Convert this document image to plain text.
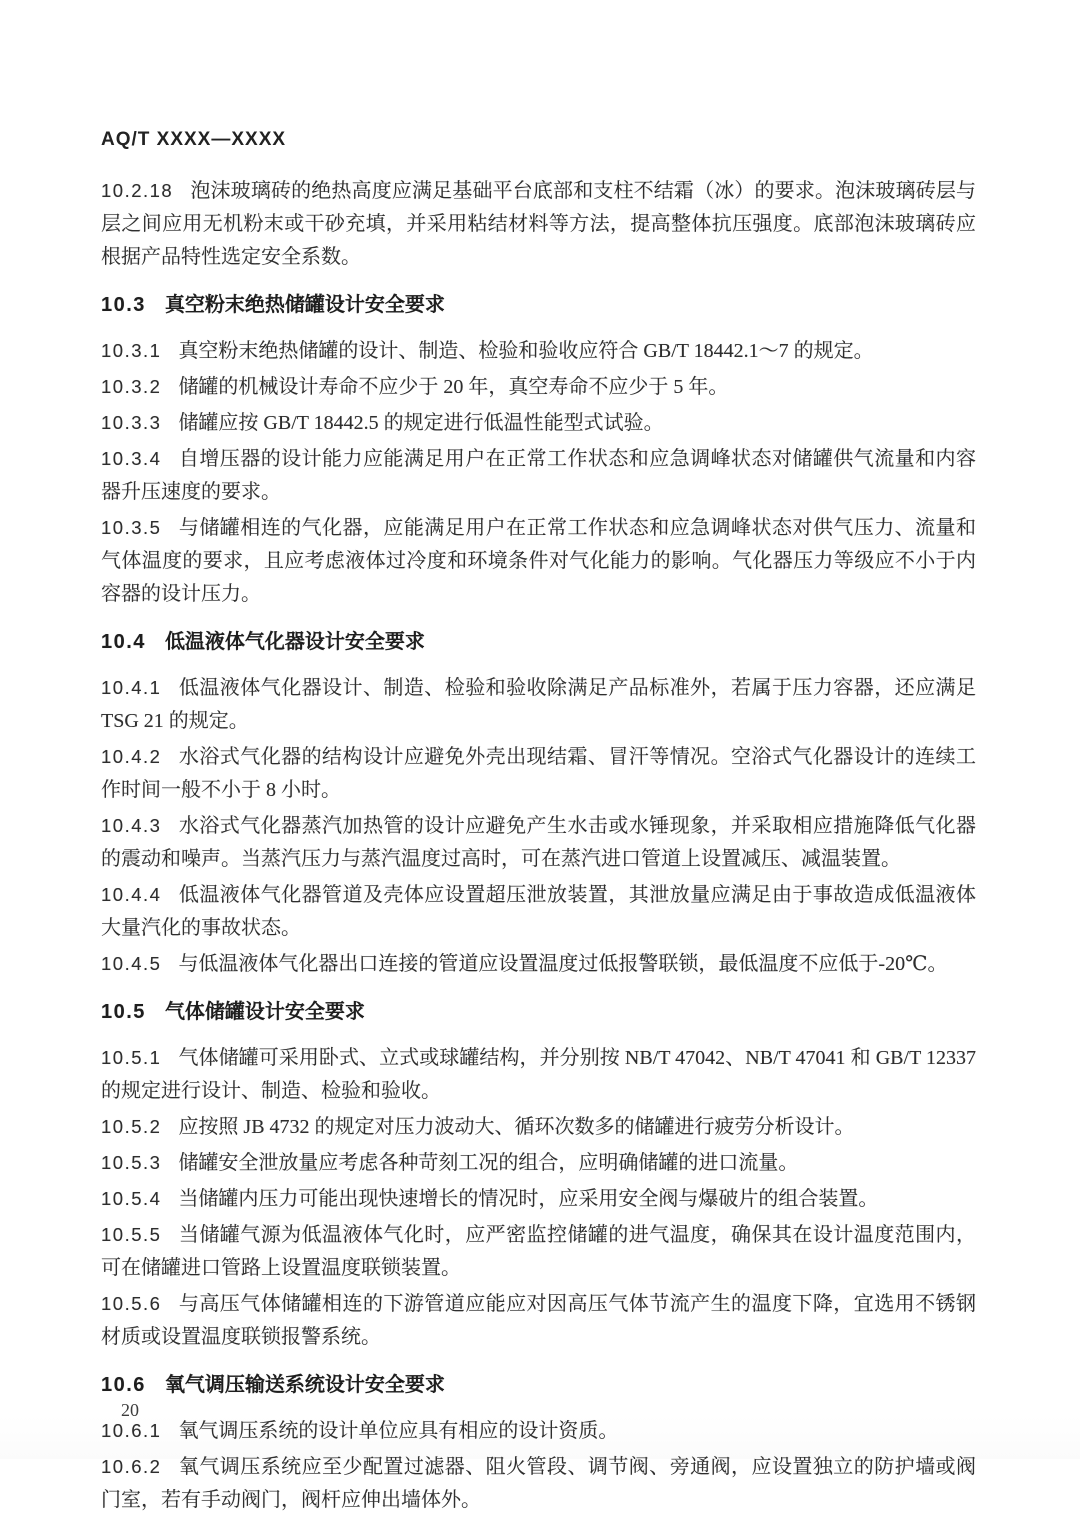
AQ/T XXXX—XXXX

10.2.18 泡沫玻璃砖的绝热高度应满足基础平台底部和支柱不结霜（冰）的要求。泡沫玻璃砖层与层之间应用无机粉末或干砂充填，并采用粘结材料等方法，提高整体抗压强度。底部泡沫玻璃砖应根据产品特性选定安全系数。

10.3 真空粉末绝热储罐设计安全要求

10.3.1 真空粉末绝热储罐的设计、制造、检验和验收应符合 GB/T 18442.1～7 的规定。

10.3.2 储罐的机械设计寿命不应少于 20 年，真空寿命不应少于 5 年。

10.3.3 储罐应按 GB/T 18442.5 的规定进行低温性能型式试验。

10.3.4 自增压器的设计能力应能满足用户在正常工作状态和应急调峰状态对储罐供气流量和内容器升压速度的要求。

10.3.5 与储罐相连的气化器，应能满足用户在正常工作状态和应急调峰状态对供气压力、流量和气体温度的要求，且应考虑液体过冷度和环境条件对气化能力的影响。气化器压力等级应不小于内容器的设计压力。

10.4 低温液体气化器设计安全要求

10.4.1 低温液体气化器设计、制造、检验和验收除满足产品标准外，若属于压力容器，还应满足 TSG 21 的规定。

10.4.2 水浴式气化器的结构设计应避免外壳出现结霜、冒汗等情况。空浴式气化器设计的连续工作时间一般不小于 8 小时。

10.4.3 水浴式气化器蒸汽加热管的设计应避免产生水击或水锤现象，并采取相应措施降低气化器的震动和噪声。当蒸汽压力与蒸汽温度过高时，可在蒸汽进口管道上设置减压、减温装置。

10.4.4 低温液体气化器管道及壳体应设置超压泄放装置，其泄放量应满足由于事故造成低温液体大量汽化的事故状态。

10.4.5 与低温液体气化器出口连接的管道应设置温度过低报警联锁，最低温度不应低于-20℃。

10.5 气体储罐设计安全要求

10.5.1 气体储罐可采用卧式、立式或球罐结构，并分别按 NB/T 47042、NB/T 47041 和 GB/T 12337 的规定进行设计、制造、检验和验收。

10.5.2 应按照 JB 4732 的规定对压力波动大、循环次数多的储罐进行疲劳分析设计。

10.5.3 储罐安全泄放量应考虑各种苛刻工况的组合，应明确储罐的进口流量。

10.5.4 当储罐内压力可能出现快速增长的情况时，应采用安全阀与爆破片的组合装置。

10.5.5 当储罐气源为低温液体气化时，应严密监控储罐的进气温度，确保其在设计温度范围内，可在储罐进口管路上设置温度联锁装置。

10.5.6 与高压气体储罐相连的下游管道应能应对因高压气体节流产生的温度下降，宜选用不锈钢材质或设置温度联锁报警系统。

10.6 氧气调压输送系统设计安全要求

10.6.1 氧气调压系统的设计单位应具有相应的设计资质。

10.6.2 氧气调压系统应至少配置过滤器、阻火管段、调节阀、旁通阀，应设置独立的防护墙或阀门室，若有手动阀门，阀杆应伸出墙体外。

20
